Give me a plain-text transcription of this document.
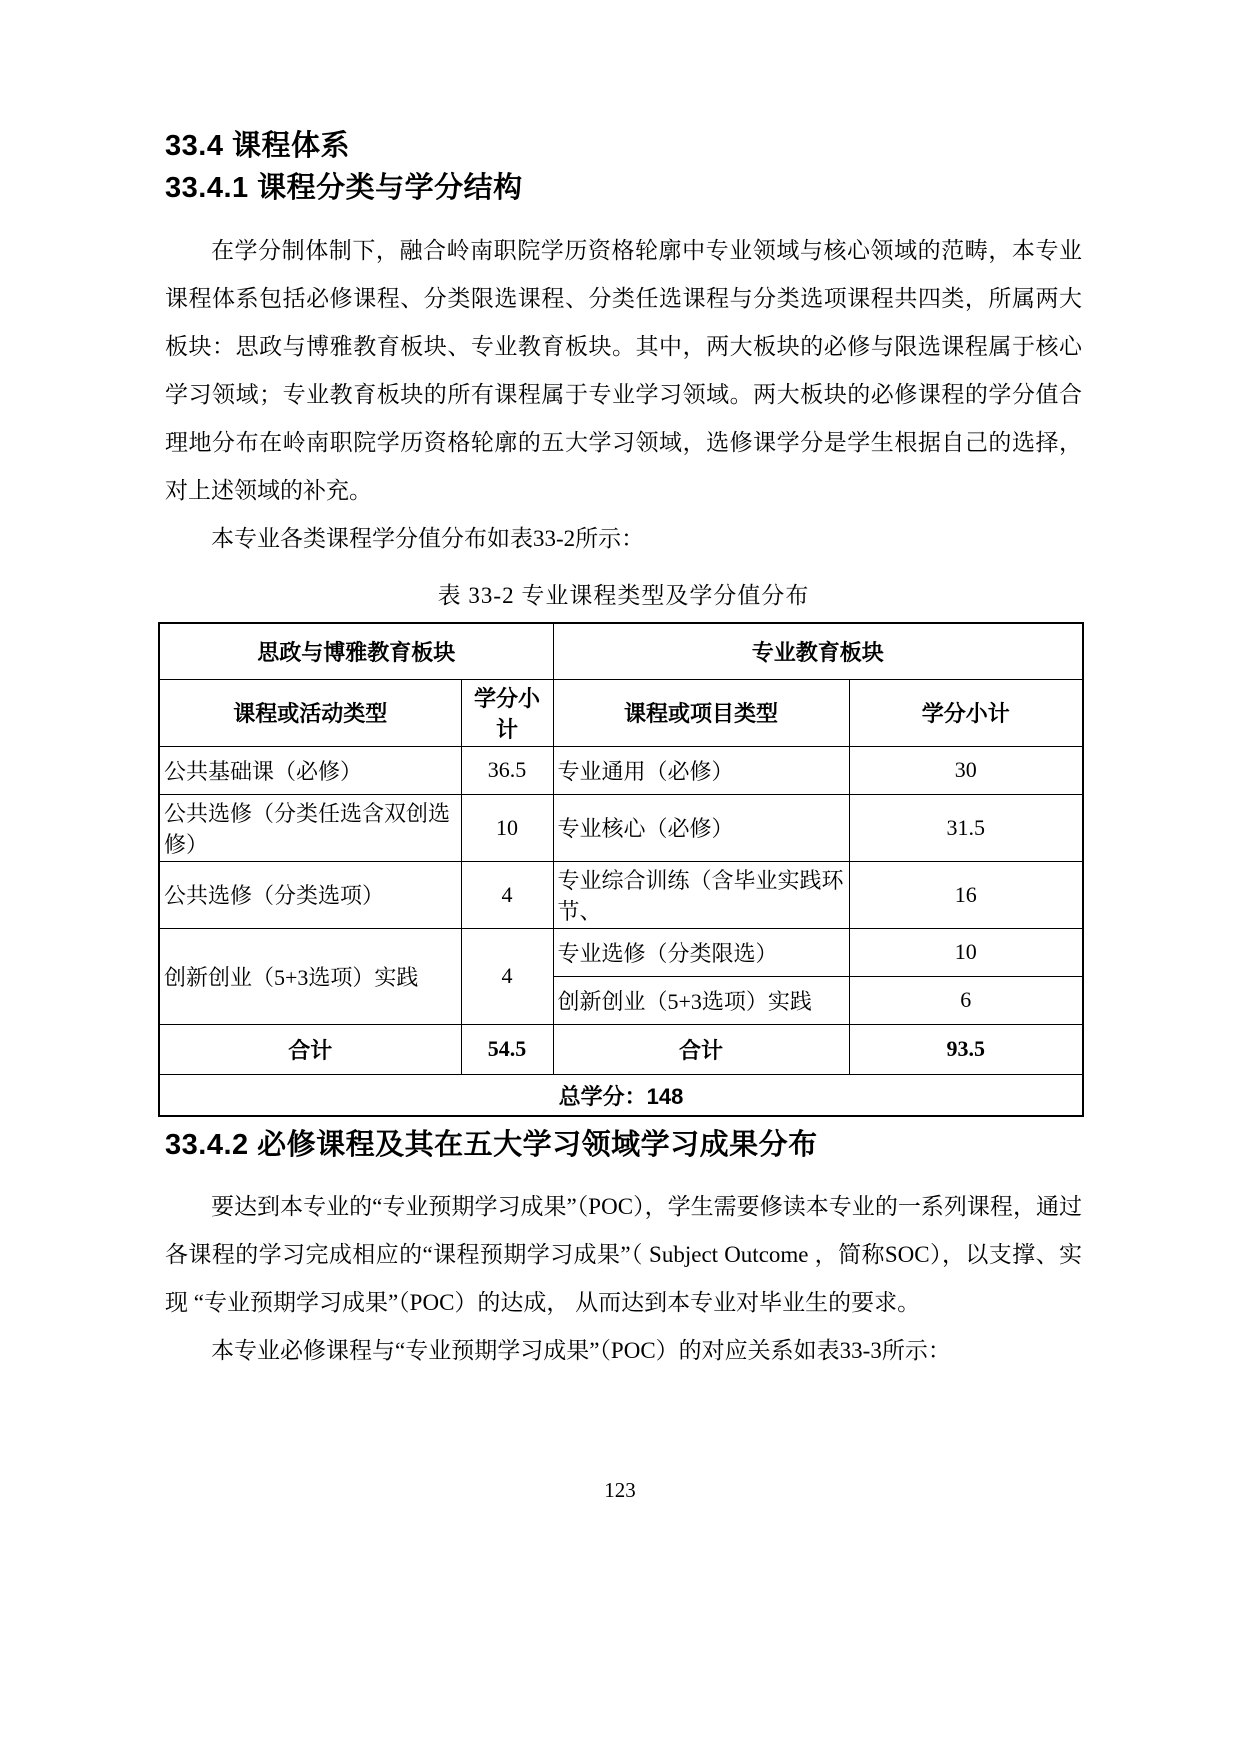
33.4 课程体系
33.4.1 课程分类与学分结构

在学分制体制下，融合岭南职院学历资格轮廓中专业领域与核心领域的范畴，本专业课程体系包括必修课程、分类限选课程、分类任选课程与分类选项课程共四类，所属两大板块：思政与博雅教育板块、专业教育板块。其中，两大板块的必修与限选课程属于核心学习领域；专业教育板块的所有课程属于专业学习领域。两大板块的必修课程的学分值合理地分布在岭南职院学历资格轮廓的五大学习领域，选修课学分是学生根据自己的选择，对上述领域的补充。

本专业各类课程学分值分布如表33-2所示：

表 33-2 专业课程类型及学分值分布
思政与博雅教育板块		专业教育板块	
课程或活动类型	学分小计	课程或项目类型	学分小计
公共基础课（必修）	36.5	专业通用（必修）	30
公共选修（分类任选含双创选修）	10	专业核心（必修）	31.5
公共选修（分类选项）	4	专业综合训练（含毕业实践环节、	16
创新创业（5+3选项）实践	4	专业选修（分类限选）	10
		创新创业（5+3选项）实践	6
合计	54.5	合计	93.5
总学分：148			
33.4.2 必修课程及其在五大学习领域学习成果分布

要达到本专业的“专业预期学习成果”（POC），学生需要修读本专业的一系列课程，通过各课程的学习完成相应的“课程预期学习成果”（ Subject Outcome ，简称SOC），以支撑、实现 “专业预期学习成果”（POC）的达成， 从而达到本专业对毕业生的要求。

本专业必修课程与“专业预期学习成果”（POC）的对应关系如表33-3所示：

123
